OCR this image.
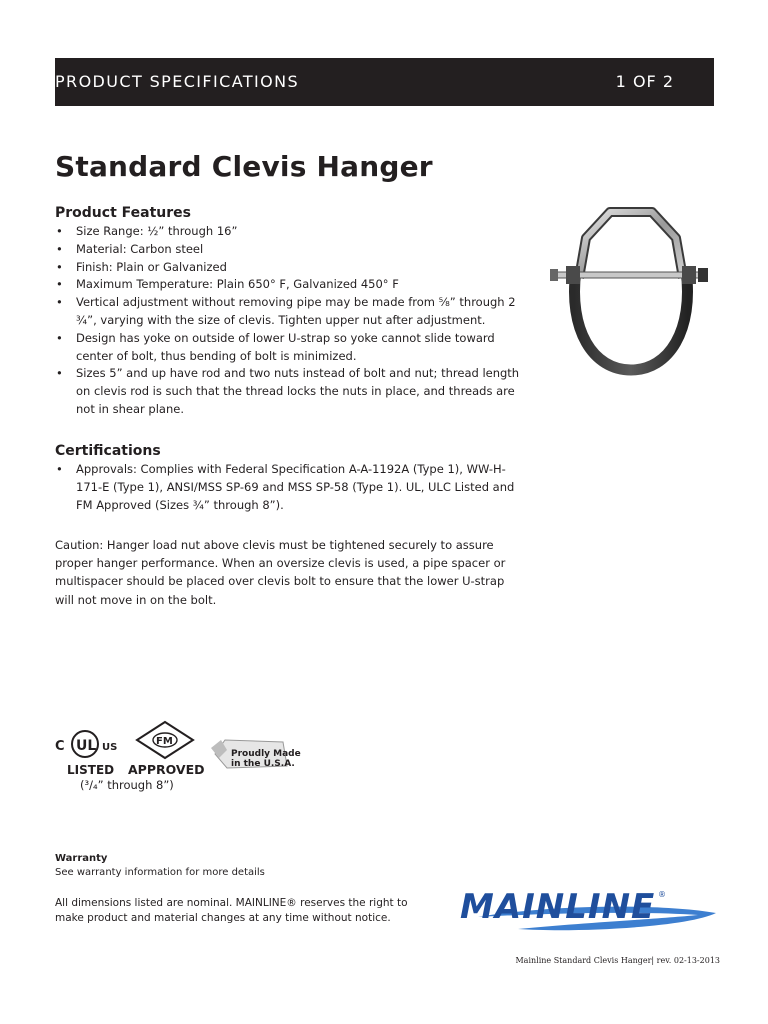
PRODUCT SPECIFICATIONS	1 OF 2
Standard Clevis Hanger
Product Features
• Size Range: ½” through 16”
• Material: Carbon steel
• Finish: Plain or Galvanized
• Maximum Temperature: Plain 650° F, Galvanized 450° F
• Vertical adjustment without removing pipe may be made from ⅝” through 2 ¾”, varying with the size of clevis. Tighten upper nut after adjustment.
• Design has yoke on outside of lower U-strap so yoke cannot slide toward center of bolt, thus bending of bolt is minimized.
• Sizes 5” and up have rod and two nuts instead of bolt and nut; thread length on clevis rod is such that the thread locks the nuts in place, and threads are not in shear plane.
Certifications
• Approvals: Complies with Federal Specification A-A-1192A (Type 1), WW-H-171-E (Type 1), ANSI/MSS SP-69 and MSS SP-58 (Type 1). UL, ULC Listed and FM Approved (Sizes ¾” through 8”).

Caution: Hanger load nut above clevis must be tightened securely to assure proper hanger performance. When an oversize clevis is used, a pipe spacer or multispacer should be placed over clevis bolt to ensure that the lower U-strap will not move in on the bolt.

C UL US
LISTED
FM
APPROVED
Proudly Made
in the U.S.A.
(³/₄” through 8”)
Warranty
See warranty information for more details

All dimensions listed are nominal. MAINLINE® reserves the right to make product and material changes at any time without notice.	MAINLINE ®
Mainline Standard Clevis Hanger| rev. 02-13-2013
